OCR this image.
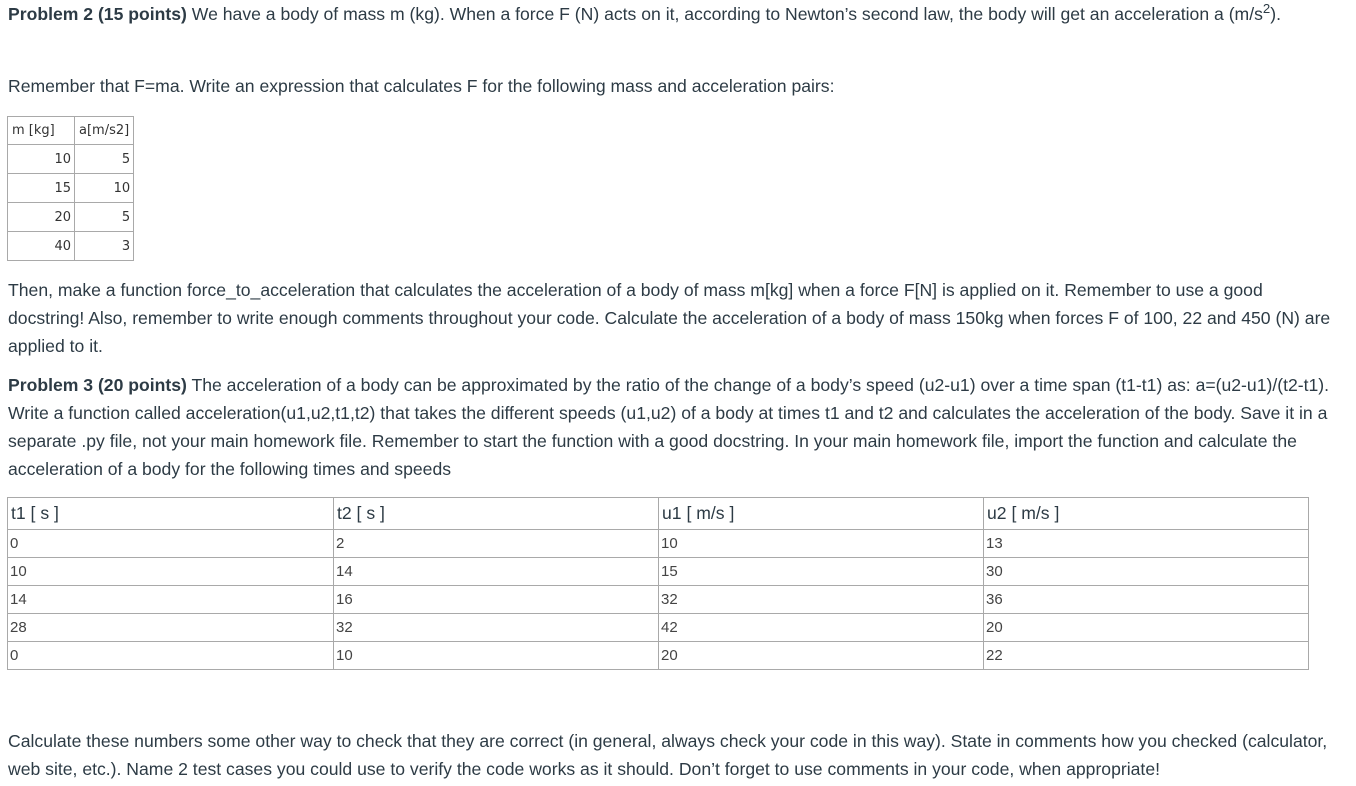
Problem 2 (15 points) We have a body of mass m (kg). When a force F (N) acts on it, according to Newton’s second law, the body will get an acceleration a $(m/s^2)$.

Remember that F=ma. Write an expression that calculates F for the following mass and acceleration pairs:

m [kg]	a[m/s2]
10	5
15	10
20	5
40	3

Then, make a function force_to_acceleration that calculates the acceleration of a body of mass m[kg] when a force F[N] is applied on it. Remember to use a good docstring! Also, remember to write enough comments throughout your code. Calculate the acceleration of a body of mass 150kg when forces F of 100, 22 and 450 (N) are applied to it.

Problem 3 (20 points) The acceleration of a body can be approximated by the ratio of the change of a body’s speed (u2-u1) over a time span (t1-t1) as: a=(u2-u1)/(t2-t1). Write a function called acceleration(u1,u2,t1,t2) that takes the different speeds (u1,u2) of a body at times t1 and t2 and calculates the acceleration of the body. Save it in a separate .py file, not your main homework file. Remember to start the function with a good docstring. In your main homework file, import the function and calculate the acceleration of a body for the following times and speeds

t1 [ s ]	t2 [ s ]	u1 [ m/s ]	u2 [ m/s ]
0	2	10	13
10	14	15	30
14	16	32	36
28	32	42	20
0	10	20	22

Calculate these numbers some other way to check that they are correct (in general, always check your code in this way). State in comments how you checked (calculator, web site, etc.). Name 2 test cases you could use to verify the code works as it should. Don’t forget to use comments in your code, when appropriate!
